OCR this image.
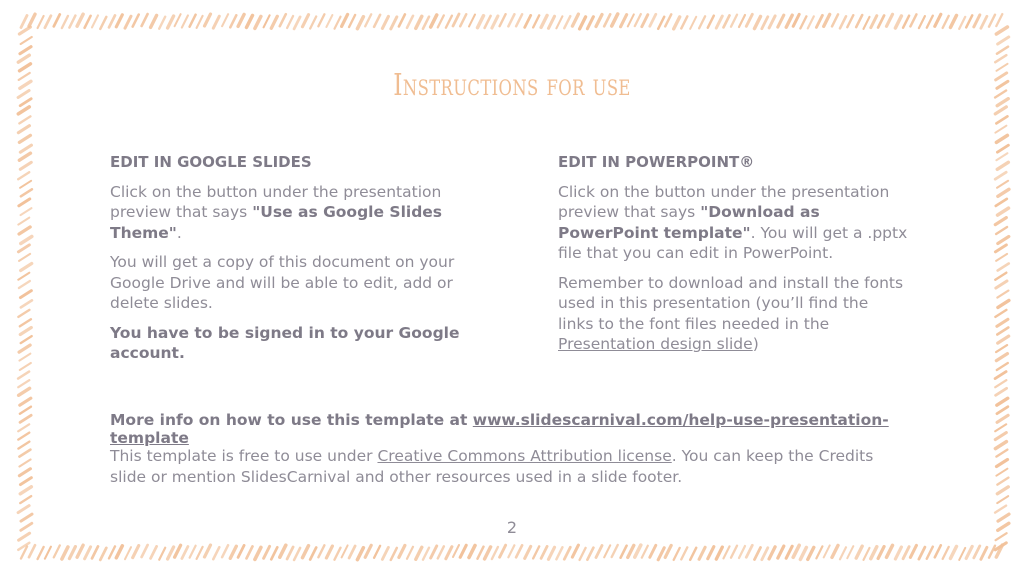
Instructions for use
EDIT IN GOOGLE SLIDES
Click on the button under the presentation preview that says "Use as Google Slides Theme".
You will get a copy of this document on your Google Drive and will be able to edit, add or delete slides.
You have to be signed in to your Google account.
EDIT IN POWERPOINT®
Click on the button under the presentation preview that says "Download as PowerPoint template". You will get a .pptx file that you can edit in PowerPoint.
Remember to download and install the fonts used in this presentation (you’ll find the links to the font files needed in the Presentation design slide)
More info on how to use this template at www.slidescarnival.com/help-use-presentation-template
This template is free to use under Creative Commons Attribution license. You can keep the Credits slide or mention SlidesCarnival and other resources used in a slide footer.
2
